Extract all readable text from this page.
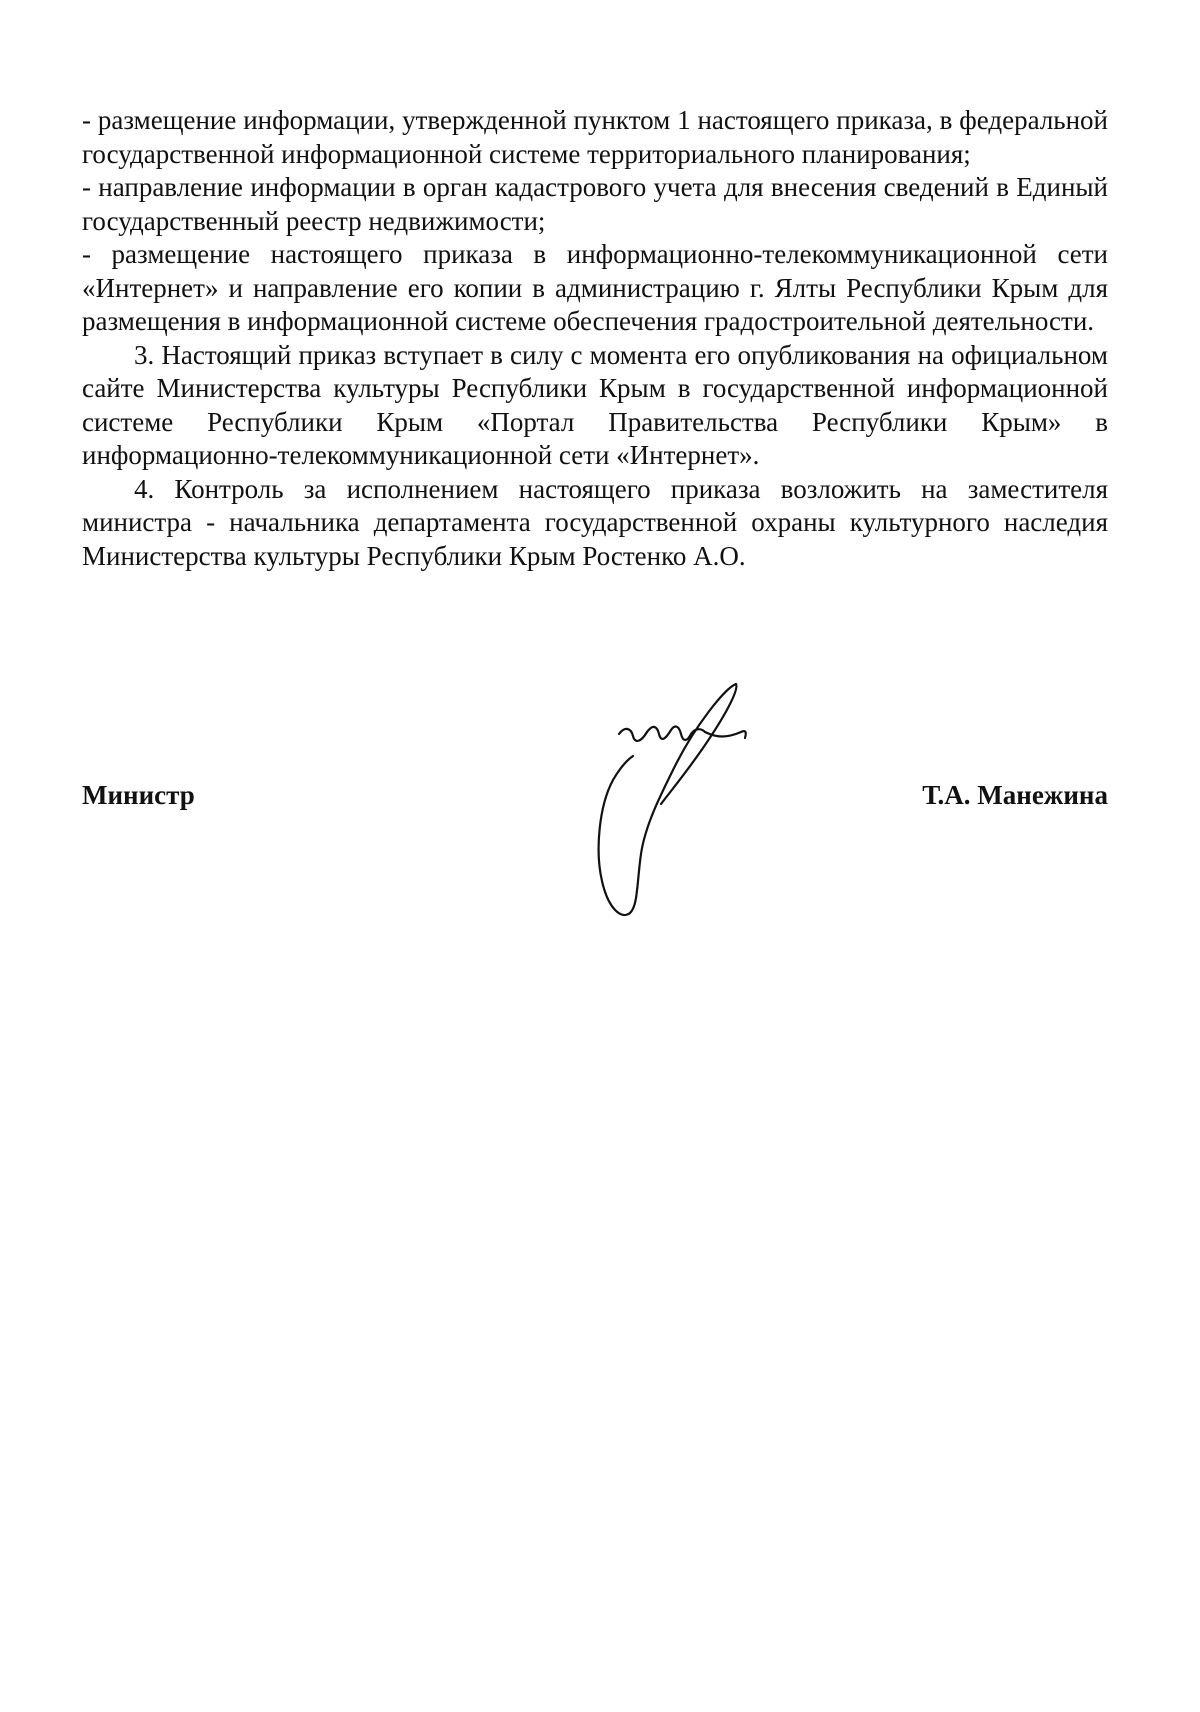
- размещение информации, утвержденной пунктом 1 настоящего приказа, в федеральной государственной информационной системе территориального планирования;

- направление информации в орган кадастрового учета для внесения сведений в Единый государственный реестр недвижимости;

- размещение настоящего приказа в информационно-телекоммуникационной сети «Интернет» и направление его копии в администрацию г. Ялты Республики Крым для размещения в информационной системе обеспечения градостроительной деятельности.

3. Настоящий приказ вступает в силу с момента его опубликования на официальном сайте Министерства культуры Республики Крым в государственной информационной системе Республики Крым «Портал Правительства Республики Крым» в информационно-телекоммуникационной сети «Интернет».

4. Контроль за исполнением настоящего приказа возложить на заместителя министра - начальника департамента государственной охраны культурного наследия Министерства культуры Республики Крым Ростенко А.О.

Министр	Т.А. Манежина
